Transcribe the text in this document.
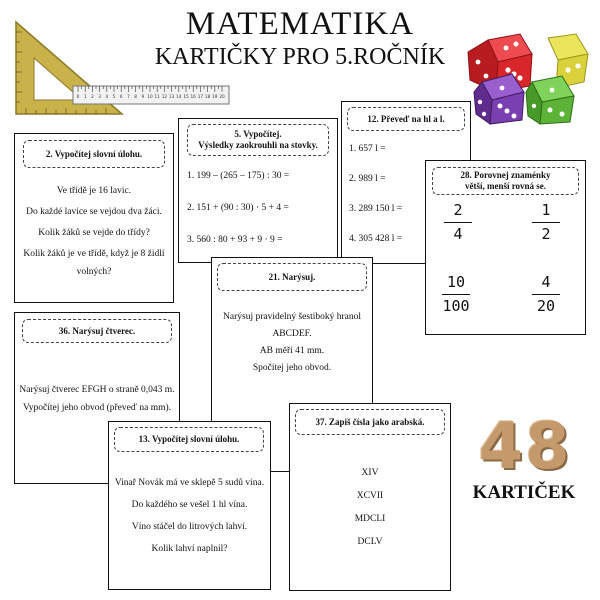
0 1 2 3 4 5 6 7 8 9 10 11 12 13 14 15 16 17 18 19 20
MATEMATIKA
KARTIČKY PRO 5.ROČNÍK
2. Vypočítej slovní úlohu.

Ve třídě je 16 lavic.

Do každé lavice se vejdou dva žáci.

Kolik žáků se vejde do třídy?

Kolik žáků je ve třídě, když je 8 židlí

volných?

5. Vypočítej.
Výsledky zaokrouhli na stovky.
1. 199 – (265 – 175) : 30 =
2. 151 + (90 : 30) · 5 + 4 =
3. 560 : 80 + 93 + 9 · 9 =
12. Převeď na hl a l.
1. 657 l =
2. 989 l =
3. 289 150 l =
4. 305 428 l =
28. Porovnej znaménky
větší, menší rovná se.
2
4
1
2
10
100
4
20
21. Narýsuj.

Narýsuj pravidelný šestiboký hranol

ABCDEF.

AB měří 41 mm.

Spočítej jeho obvod.

36. Narýsuj čtverec.

Narýsuj čtverec EFGH o straně 0,043 m.

Vypočítej jeho obvod (převeď na mm).

13. Vypočítej slovní úlohu.

Vinař Novák má ve sklepě 5 sudů vína.

Do každého se vešel 1 hl vína.

Víno stáčel do litrových lahví.

Kolik lahví naplnil?

37. Zapiš čísla jako arabská.

XIV

XCVII

MDCLI

DCLV

48
KARTIČEK
